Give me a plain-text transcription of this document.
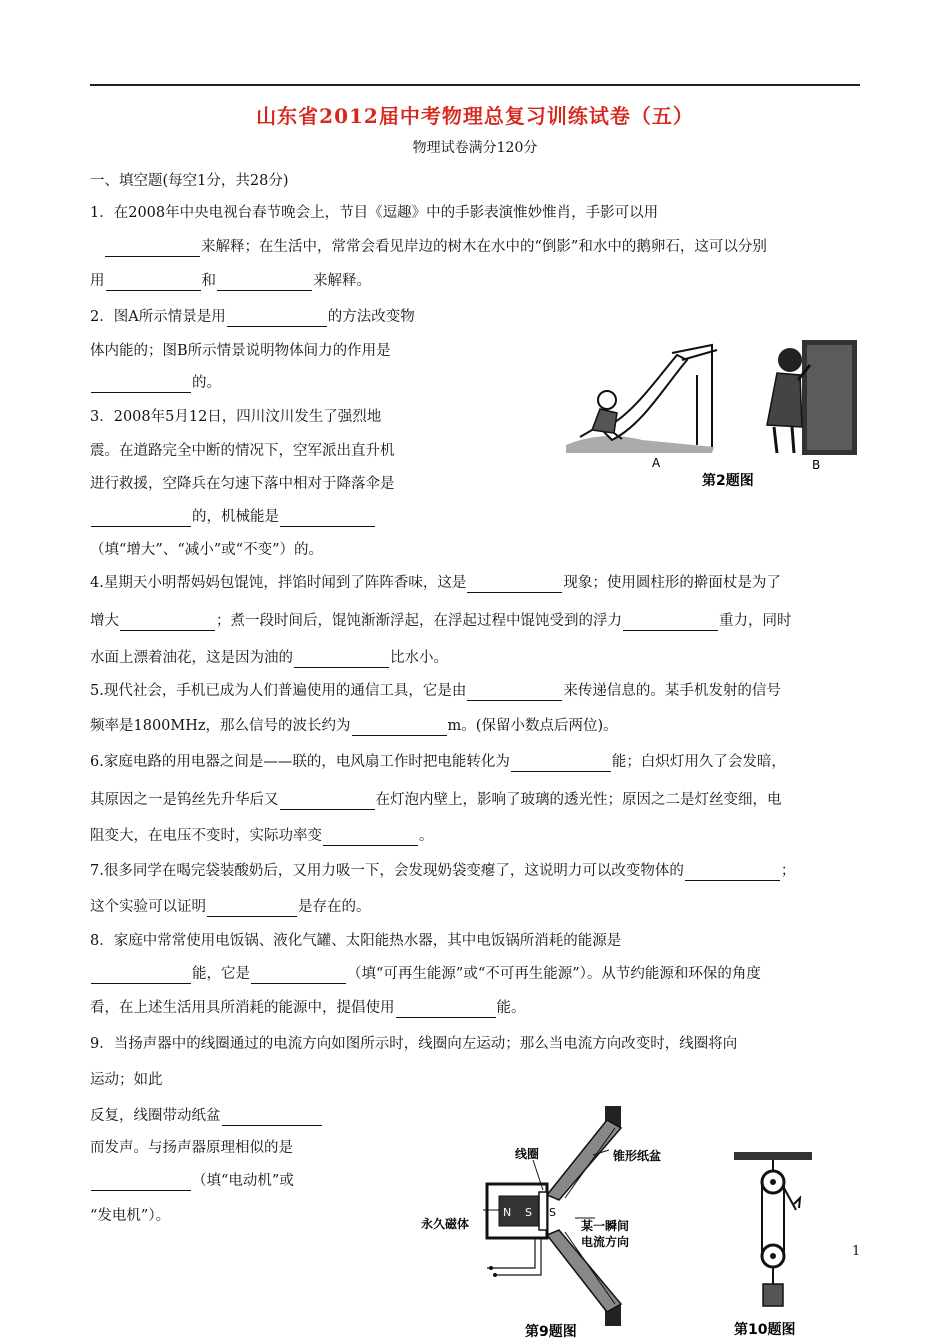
山东省2012届中考物理总复习训练试卷（五）
物理试卷满分120分
一、填空题(每空1分，共28分)
1．在2008年中央电视台春节晚会上，节目《逗趣》中的手影表演惟妙惟肖，手影可以用
来解释；在生活中，常常会看见岸边的树木在水中的“倒影”和水中的鹅卵石，这可以分别
用	和	来解释。
2．图A所示情景是用	的方法改变物
体内能的；图B所示情景说明物体间力的作用是
的。
3．2008年5月12日，四川汶川发生了强烈地
震。在道路完全中断的情况下，空军派出直升机
进行救援，空降兵在匀速下落中相对于降落伞是
的，机械能是
（填“增大”、“减小”或“不变”）的。
A	B
第2题图
4.星期天小明帮妈妈包馄饨，拌馅时闻到了阵阵香味，这是	现象；使用圆柱形的擀面杖是为了
增大	；煮一段时间后，馄饨渐渐浮起，在浮起过程中馄饨受到的浮力	重力，同时
水面上漂着油花，这是因为油的	比水小。
5.现代社会，手机已成为人们普遍使用的通信工具，它是由	来传递信息的。某手机发射的信号
频率是1800MHz，那么信号的波长约为	m。(保留小数点后两位)。
6.家庭电路的用电器之间是——联的，电风扇工作时把电能转化为	能；白炽灯用久了会发暗，
其原因之一是钨丝先升华后又	在灯泡内壁上，影响了玻璃的透光性；原因之二是灯丝变细，电
阻变大，在电压不变时，实际功率变	。
7.很多同学在喝完袋装酸奶后，又用力吸一下，会发现奶袋变瘪了，这说明力可以改变物体的	；
这个实验可以证明	是存在的。
8．家庭中常常使用电饭锅、液化气罐、太阳能热水器，其中电饭锅所消耗的能源是
能，它是	（填“可再生能源”或“不可再生能源”）。从节约能源和环保的角度
看，在上述生活用具所消耗的能源中，提倡使用	能。
9．当扬声器中的线圈通过的电流方向如图所示时，线圈向左运动；那么当电流方向改变时，线圈将向
运动；如此
反复，线圈带动纸盆
而发声。与扬声器原理相似的是
（填“电动机”或
“发电机”）。	N S S
线圈	锥形纸盆
永久磁体	某一瞬间
电流方向
第9题图	第10题图
1
